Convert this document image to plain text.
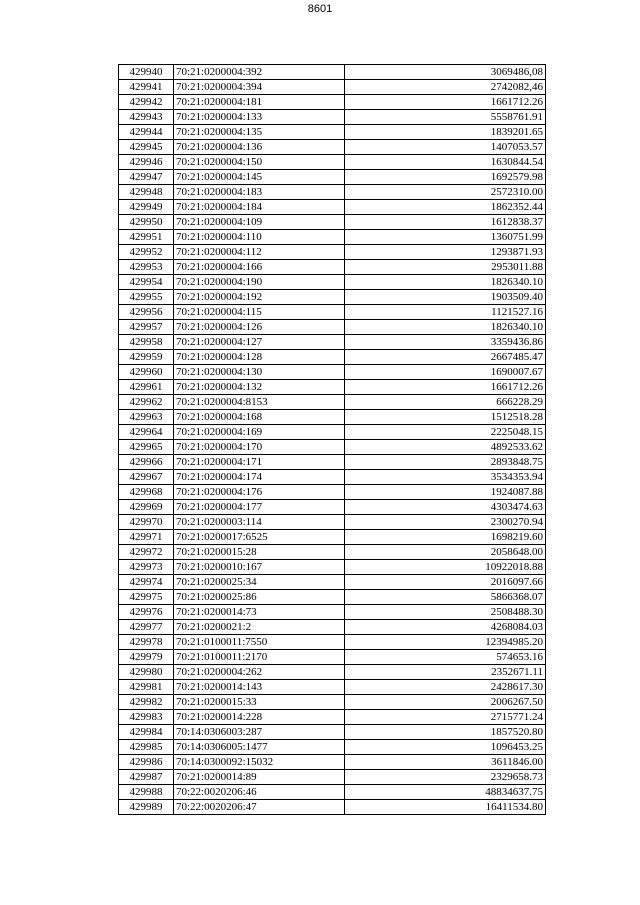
8601
429940	70:21:0200004:392	3069486,08
429941	70:21:0200004:394	2742082,46
429942	70:21:0200004:181	1661712.26
429943	70:21:0200004:133	5558761.91
429944	70:21:0200004:135	1839201.65
429945	70:21:0200004:136	1407053.57
429946	70:21:0200004:150	1630844.54
429947	70:21:0200004:145	1692579.98
429948	70:21:0200004:183	2572310.00
429949	70:21:0200004:184	1862352.44
429950	70:21:0200004:109	1612838.37
429951	70:21:0200004:110	1360751.99
429952	70:21:0200004:112	1293871.93
429953	70:21:0200004:166	2953011.88
429954	70:21:0200004:190	1826340.10
429955	70:21:0200004:192	1903509.40
429956	70:21:0200004:115	1121527.16
429957	70:21:0200004:126	1826340.10
429958	70:21:0200004:127	3359436.86
429959	70:21:0200004:128	2667485.47
429960	70:21:0200004:130	1690007.67
429961	70:21:0200004:132	1661712.26
429962	70:21:0200004:8153	666228.29
429963	70:21:0200004:168	1512518.28
429964	70:21:0200004:169	2225048.15
429965	70:21:0200004:170	4892533.62
429966	70:21:0200004:171	2893848.75
429967	70:21:0200004:174	3534353.94
429968	70:21:0200004:176	1924087.88
429969	70:21:0200004:177	4303474.63
429970	70:21:0200003:114	2300270.94
429971	70:21:0200017:6525	1698219.60
429972	70:21:0200015:28	2058648.00
429973	70:21:0200010:167	10922018.88
429974	70:21:0200025:34	2016097.66
429975	70:21:0200025:86	5866368.07
429976	70:21:0200014:73	2508488.30
429977	70:21:0200021:2	4268084.03
429978	70:21:0100011:7550	12394985.20
429979	70:21:0100011:2170	574653.16
429980	70:21:0200004:262	2352671.11
429981	70:21:0200014:143	2428617.30
429982	70:21:0200015:33	2006267.50
429983	70:21:0200014:228	2715771.24
429984	70:14:0306003:287	1857520.80
429985	70:14:0306005:1477	1096453.25
429986	70:14:0300092:15032	3611846.00
429987	70:21:0200014:89	2329658.73
429988	70:22:0020206:46	48834637.75
429989	70:22:0020206:47	16411534.80
